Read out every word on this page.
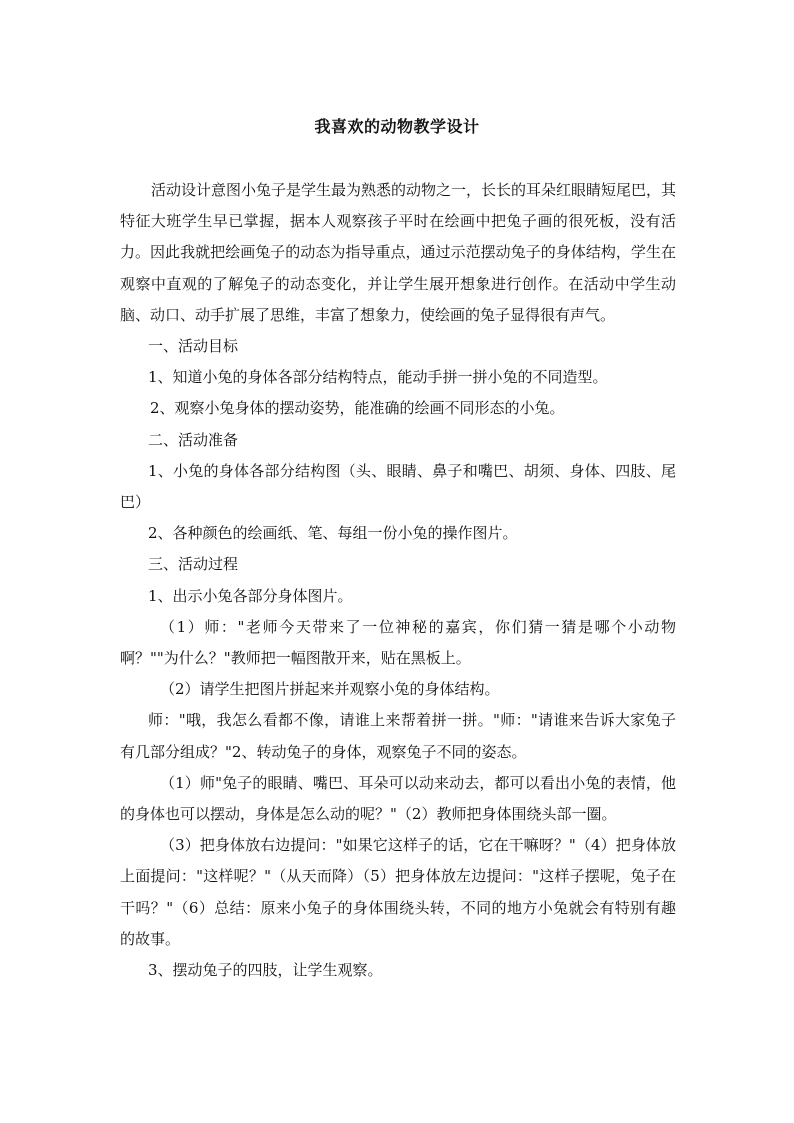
我喜欢的动物教学设计

活动设计意图小兔子是学生最为熟悉的动物之一，长长的耳朵红眼睛短尾巴，其特征大班学生早已掌握，据本人观察孩子平时在绘画中把兔子画的很死板，没有活力。因此我就把绘画兔子的动态为指导重点，通过示范摆动兔子的身体结构，学生在观察中直观的了解兔子的动态变化，并让学生展开想象进行创作。在活动中学生动脑、动口、动手扩展了思维，丰富了想象力，使绘画的兔子显得很有声气。

一、活动目标

1、知道小兔的身体各部分结构特点，能动手拼一拼小兔的不同造型。

2、观察小兔身体的摆动姿势，能准确的绘画不同形态的小兔。

二、活动准备

1、小兔的身体各部分结构图（头、眼睛、鼻子和嘴巴、胡须、身体、四肢、尾巴）

2、各种颜色的绘画纸、笔、每组一份小兔的操作图片。

三、活动过程

1、出示小兔各部分身体图片。

（1）师："老师今天带来了一位神秘的嘉宾，你们猜一猜是哪个小动物啊？""为什么？"教师把一幅图散开来，贴在黑板上。

（2）请学生把图片拼起来并观察小兔的身体结构。

师："哦，我怎么看都不像，请谁上来帮着拼一拼。"师："请谁来告诉大家兔子有几部分组成？"2、转动兔子的身体，观察兔子不同的姿态。

（1）师"兔子的眼睛、嘴巴、耳朵可以动来动去，都可以看出小兔的表情，他的身体也可以摆动，身体是怎么动的呢？"（2）教师把身体围绕头部一圈。

（3）把身体放右边提问："如果它这样子的话，它在干嘛呀？"（4）把身体放上面提问："这样呢？"（从天而降）（5）把身体放左边提问："这样子摆呢，兔子在干吗？"（6）总结：原来小兔子的身体围绕头转，不同的地方小兔就会有特别有趣的故事。

3、摆动兔子的四肢，让学生观察。
